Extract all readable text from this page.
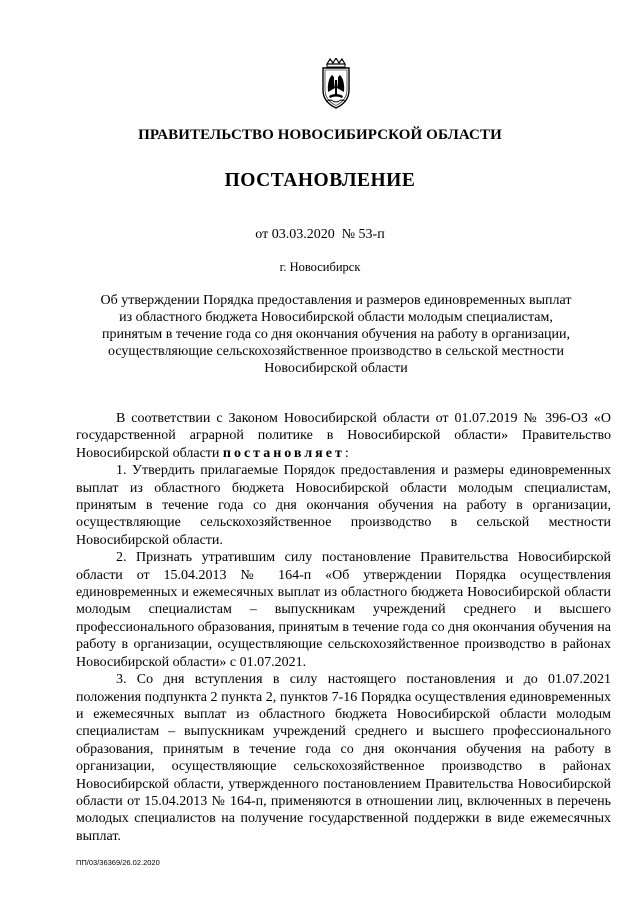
ПРАВИТЕЛЬСТВО НОВОСИБИРСКОЙ ОБЛАСТИ
ПОСТАНОВЛЕНИЕ
от 03.03.2020  № 53-п
г. Новосибирск
Об утверждении Порядка предоставления и размеров единовременных выплат
из областного бюджета Новосибирской области молодым специалистам,
принятым в течение года со дня окончания обучения на работу в организации,
осуществляющие сельскохозяйственное производство в сельской местности
Новосибирской области

В соответствии с Законом Новосибирской области от 01.07.2019 № 396-ОЗ «О государственной аграрной политике в Новосибирской области» Правительство Новосибирской области постановляет:

1. Утвердить прилагаемые Порядок предоставления и размеры единовременных выплат из областного бюджета Новосибирской области молодым специалистам, принятым в течение года со дня окончания обучения на работу в организации, осуществляющие сельскохозяйственное производство в сельской местности Новосибирской области.

2. Признать утратившим силу постановление Правительства Новосибирской области от 15.04.2013 № 164-п «Об утверждении Порядка осуществления единовременных и ежемесячных выплат из областного бюджета Новосибирской области молодым специалистам – выпускникам учреждений среднего и высшего профессионального образования, принятым в течение года со дня окончания обучения на работу в организации, осуществляющие сельскохозяйственное производство в районах Новосибирской области» с 01.07.2021.

3. Со дня вступления в силу настоящего постановления и до 01.07.2021 положения подпункта 2 пункта 2, пунктов 7-16 Порядка осуществления единовременных и ежемесячных выплат из областного бюджета Новосибирской области молодым специалистам – выпускникам учреждений среднего и высшего профессионального образования, принятым в течение года со дня окончания обучения на работу в организации, осуществляющие сельскохозяйственное производство в районах Новосибирской области, утвержденного постановлением Правительства Новосибирской области от 15.04.2013 № 164-п, применяются в отношении лиц, включенных в перечень молодых специалистов на получение государственной поддержки в виде ежемесячных выплат.

ПП/03/36369/26.02.2020
